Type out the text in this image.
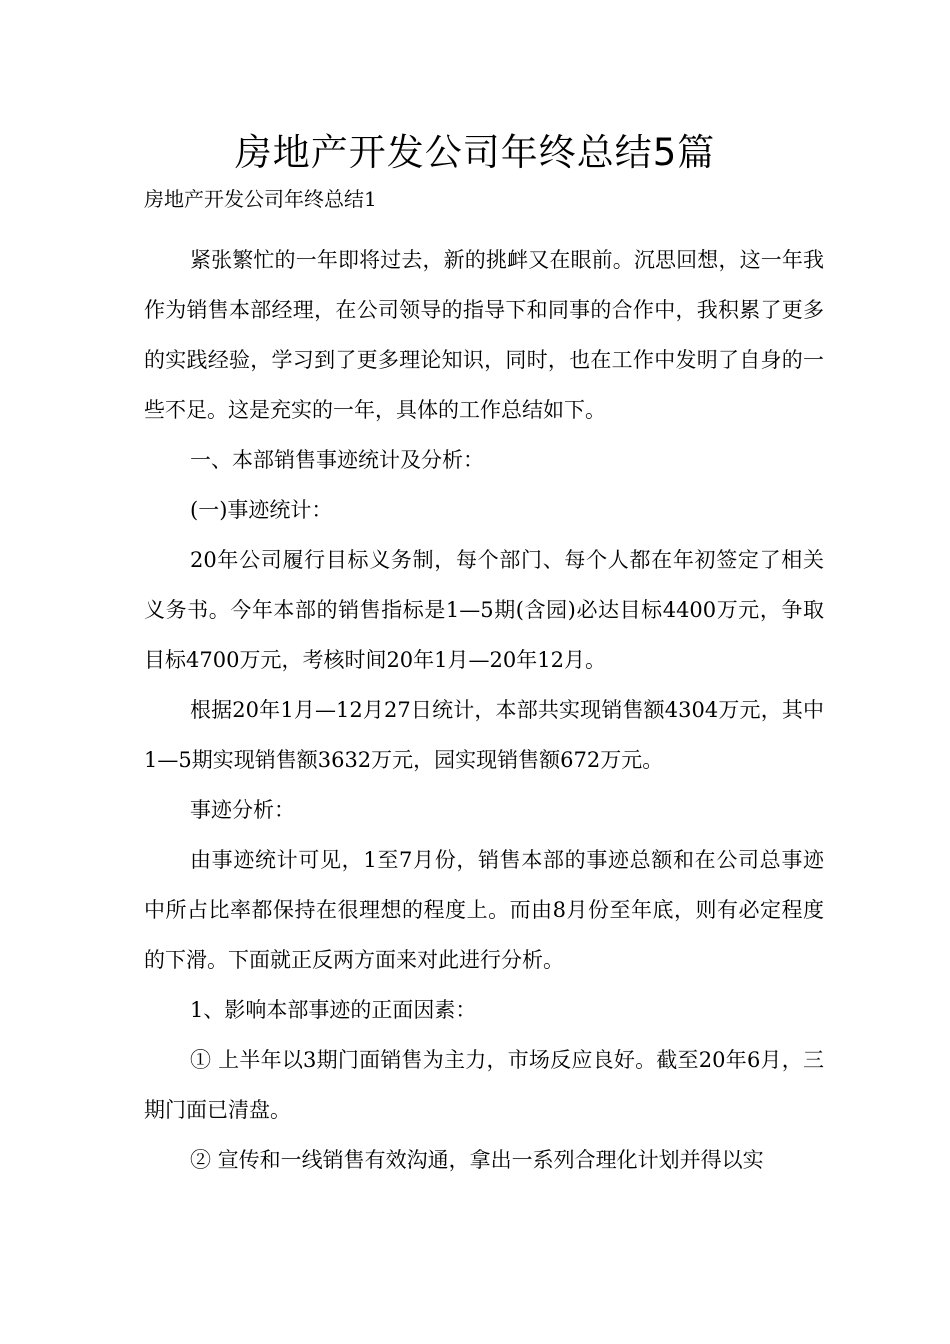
房地产开发公司年终总结5篇

房地产开发公司年终总结1

紧张繁忙的一年即将过去，新的挑衅又在眼前。沉思回想，这一年我作为销售本部经理，在公司领导的指导下和同事的合作中，我积累了更多的实践经验，学习到了更多理论知识，同时，也在工作中发明了自身的一些不足。这是充实的一年，具体的工作总结如下。

一、本部销售事迹统计及分析：

(一)事迹统计：

20年公司履行目标义务制，每个部门、每个人都在年初签定了相关义务书。今年本部的销售指标是1—5期(含园)必达目标4400万元，争取目标4700万元，考核时间20年1月—20年12月。

根据20年1月—12月27日统计，本部共实现销售额4304万元，其中1—5期实现销售额3632万元，园实现销售额672万元。

事迹分析：

由事迹统计可见，1至7月份，销售本部的事迹总额和在公司总事迹中所占比率都保持在很理想的程度上。而由8月份至年底，则有必定程度的下滑。下面就正反两方面来对此进行分析。

1、影响本部事迹的正面因素：

① 上半年以3期门面销售为主力，市场反应良好。截至20年6月，三期门面已清盘。

② 宣传和一线销售有效沟通，拿出一系列合理化计划并得以实
